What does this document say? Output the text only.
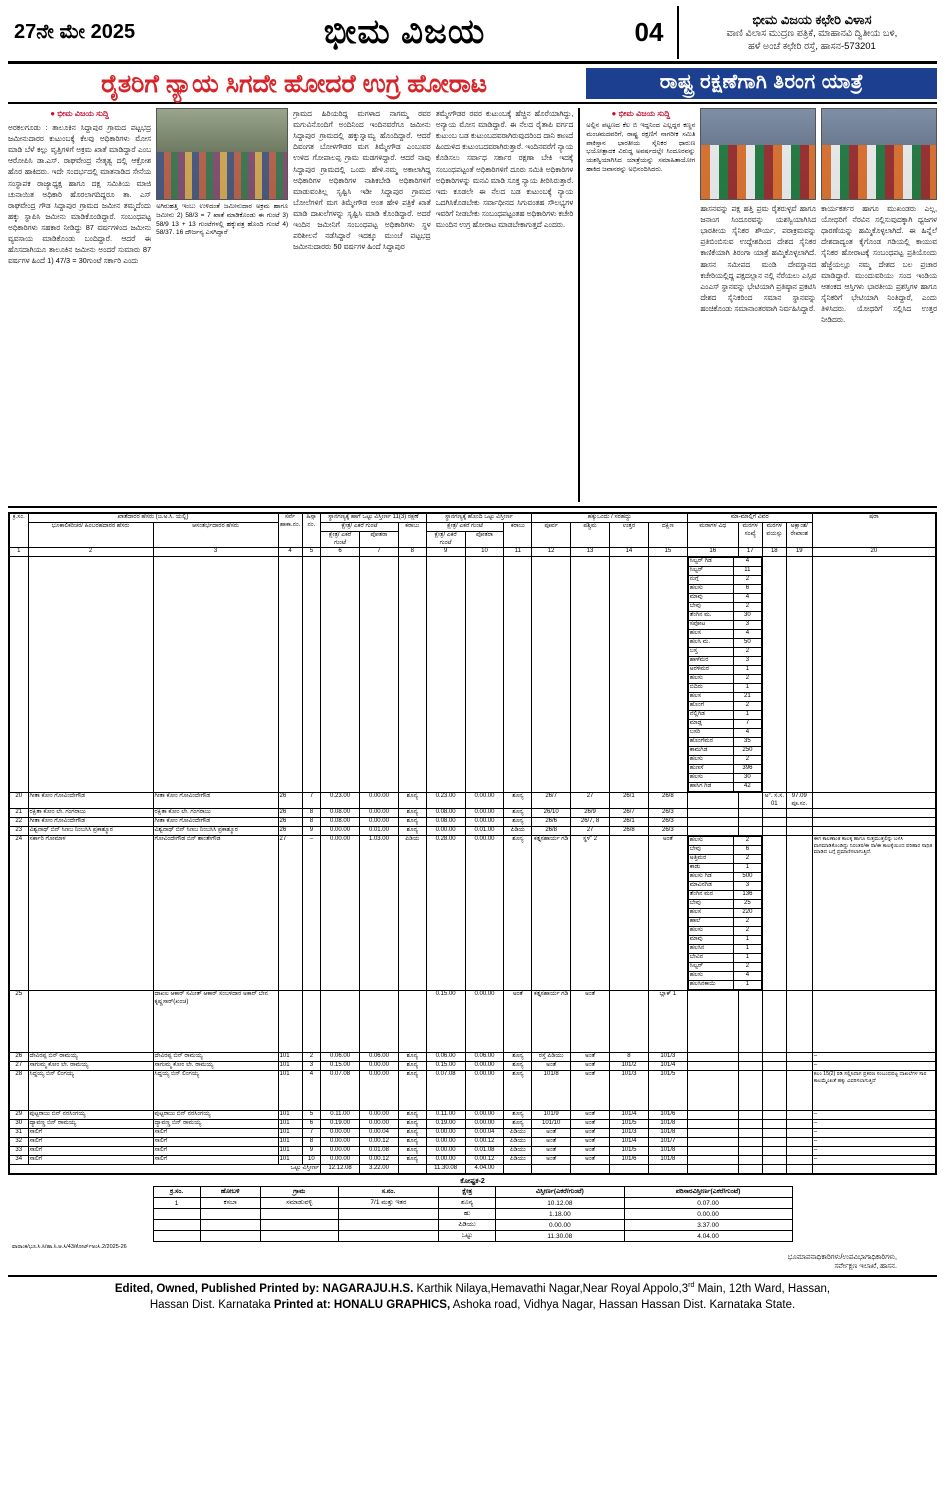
27ನೇ ಮೇ 2025	ಭೀಮ ವಿಜಯ	04	ಭೀಮ ವಿಜಯ ಕಛೇರಿ ವಿಳಾಸ
ವಾಣಿ ವಿಲಾಸ ಮುದ್ರಣ ಪತ್ರಿಕೆ, ಮಾಹಾನವಿ ದ್ವಿತೀಯ ಬಳಿ,
ಹಳೆ ಅಂಚೆ ಕಛೇರಿ ರಸ್ತೆ, ಹಾಸನ-573201
ರೈತರಿಗೆ ನ್ಯಾಯ ಸಿಗದೇ ಹೋದರೆ ಉಗ್ರ ಹೋರಾಟ	ರಾಷ್ಟ್ರ ರಕ್ಷಣೆಗಾಗಿ ತಿರಂಗ ಯಾತ್ರೆ
● ಭೀಮ ವಿಜಯ ಸುದ್ದಿ
ಅರಕಲಗೂಡು : ತಾಲೂಕಿನ ಸಿದ್ದಾಪುರ ಗ್ರಾಮದ ಪಟ್ಟಭದ್ರ ಜಮೀನುದಾರರ ಕುಟುಂಬಕ್ಕೆ ಕೆಲವು ಅಧಿಕಾರಿಗಳು ಮೋಸ ಮಾಡಿ ಬೆಳೆ ಕಲ್ಲು ವೃತ್ತಿಗಳಿಗೆ ಅಕ್ರಮ ಖಾತೆ ಮಾಡಿದ್ದಾರೆ ಎಂಬ ಆರೋಪಿಸಿ ಡಾ.ಎಸ್. ರಾಘವೇಂದ್ರ ನೇತೃತ್ವ ದಲ್ಲಿ ಆಕ್ರೋಶ ಹೊರ ಹಾಕಿದರು. ಇದೇ ಸಂದರ್ಭದಲ್ಲಿ ಮಾತನಾಡಿದ ಸೇನೆಯ ಸಂಸ್ಥಾಪಕ ರಾಜ್ಯಾಧ್ಯಕ್ಷ ಹಾಗೂ ದಕ್ಷ ಸಮಿತಿಯ ಮಾಜಿ ಚುನಾಯಿತ ಅಧಿಕಾರಿ ಹೊರಲಾಗದಿದ್ದರೂ ತಾ. ಎಸ್ ರಾಘವೇಂದ್ರ ಗೌಡ ಸಿದ್ದಾಪುರ ಗ್ರಾಮದ ಜಮೀನ ತಮ್ಮದೆಂದು ಹಕ್ಕು ಸ್ಥಾಪಿಸಿ ಜಮೀನು ಮಾಡಿಕೊಂಡಿದ್ದಾರೆ. ಸಂಬಂಧಪಟ್ಟ ಅಧಿಕಾರಿಗಳು ಸಹಕಾರ ನೀಡಿದ್ದು 87 ವರ್ಷಗಳಿಂದ ಜಮೀನು ವ್ಯವಸಾಯ ಮಾಡಿಕೊಂಡು ಬಂದಿದ್ದಾರೆ. ಆದರೆ ಈ ಹೊಸದಾಗಿಯೂ ತಾಲೂಕಿನ ಜಮೀನು ಅಂದರೆ ಸುಮಾರು 87 ವರ್ಷಗಳ ಹಿಂದೆ 1) 47/3 = 30ಗುಂಟೆ ಸರ್ಕಾರಿ ಎಂದು
ಅಗಿರುಹತ್ತಿ ಇಂಬು ಉಳಿದಂತೆ ಜಮೀನುದಾರ ಅಕ್ರಮ ಹಾಗೂ ಜಮೀನು 2) 58/3 = 7 ಖಾತೆ ಮಾಡಿಕೊಂಡು ಈ ಗುಂಟೆ 3) 58/9 13 + 13 ಗುಂಟೆಗಳಲ್ಲಿ ಹಕ್ಕುಪತ್ರ ಹೊಂದಿ ಗುಂಟೆ 4) 58/37. 16 ದೌರ್ಜನ್ಯ ಎಸಗಿದ್ದಾರೆ
ಗ್ರಾಮದ ಹಿರಿಯರಿದ್ದ ಮಗಳಾದ ನಾಗಮ್ಮ ರವರ ಮಗುವಿನೊಂದಿಗೆ ಅಂದಿನಿಂದ ಇಂದಿನವರೆಗೂ ಜಮೀನು ಸಿದ್ದಾಪುರ ಗ್ರಾಮದಲ್ಲಿ ಹಕ್ಕುಸ್ವಾಮ್ಯ ಹೊಂದಿದ್ದಾರೆ. ಆದರೆ ದಿವಂಗತ ಬೋಳಗೌಡರ ಮಗ ತಿಮ್ಮೇಗೌಡ ಎಂಬುವರ ಉಳಿದ ಗೋಪಾಲಪ್ಪ ಗ್ರಾಮ ಮಡಗಳಿದ್ದಾರೆ. ಆದರೆ ನಾವು ಸಿದ್ದಾಪುರ ಗ್ರಾಮದಲ್ಲಿ ಒಂದು ಹೇಳಿ.ನಮ್ಮ ಅಕಾಲಾಗಿದ್ದ ಅಧಿಕಾರಿಗಳ ಅಧಿಕಾರಿಗಳ ನಾಶಿಕಬೇಡಿ ಅಧಿಕಾರಿಗಳಿಗೆ ಮಾಡುವಂತಿಲ್ಲ ಸೃಷ್ಟಿಸಿ ಇಡೀ ಸಿದ್ದಾಪುರ ಗ್ರಾಮದ ಬೋಲೆಗಳಿಗೆ ಮಗ ತಿಮ್ಮೇಗೌಡ ಅಂತ ಹೇಳಿ ಪತ್ರಿಕೆ ಖಾತೆ ಮಾಡಿ ದಾಖಲೆಗಳನ್ನು ಸೃಷ್ಟಿಸಿ ಮಾಡಿ ಕೊಂಡಿದ್ದಾರೆ. ಅದರೆ ಇಂದಿನ ಜಮೀನಿಗೆ ಸಂಬಂಧಪಟ್ಟ ಅಧಿಕಾರಿಗಳು ಸ್ಥಳ ಪರಿಶೀಲನೆ ನಡೆಸಿದ್ದಾರೆ ಇದಕ್ಕೂ ಮುಂಚೆ ಪಟ್ಟಭದ್ರ ಜಮೀನುದಾರರು 50 ವರ್ಷಗಳ ಹಿಂದೆ ಸಿದ್ದಾಪುರ
ತಮ್ಮೇಗೌಡರ ರವರ ಕುಟುಂಬಕ್ಕೆ ಹೆಚ್ಚಿನ ಹೊರೆಯಾಗಿದ್ದು, ಅನ್ಯಾಯ ಮೋಸ ಮಾಡಿದ್ದಾರೆ. ಈ ನೆಲದ ರೈತಾಪಿ ವರ್ಗದ ಕುಟುಂಬ ಬಡ ಕುಟುಂಬದವರಾಗಿರುವುದರಿಂದ ದಾನಿ ಕಾಣದೆ ಹಿಂದುಳಿದ ಕುಟುಂಬದವರಾಗಿರುತ್ತಾರೆ. ಇಂದಿನವರೆಗೆ ನ್ಯಾಯ ಕೊಡಿಸಲು ಸರ್ವಾಧ ಸರ್ಕಾರ ರಕ್ಷಣಾ ಬೇಕಿ ಇದಕ್ಕೆ ಸಂಬಂಧಪಟ್ಟಂತೆ ಅಧಿಕಾರಿಗಳಿಗೆ ದೂರು ಸಮಿತಿ ಅಧಿಕಾರಿಗಳ ಅಧಿಕಾರಿಗಳನ್ನು ಮನವಿ ಮಾಡಿ ಸೂಕ್ತ ನ್ಯಾಯ ತೀರಿಸಿರುತ್ತಾರೆ. ಇದು ಕೂಡಲೇ ಈ ನೆಲದ ಬಡ ಕುಟುಂಬಕ್ಕೆ ನ್ಯಾಯ ಒದಗಿಸಿಕೊಡಬೇಕು ಸರ್ವಾಧೀನದ ಸಿಗುವಂತಹ ಸೌಲಭ್ಯಗಳ ಇವರಿಗೆ ನೀಡಬೇಕು ಸಂಬಂಧಪಟ್ಟಂತಹ ಅಧಿಕಾರಿಗಳು ಕಚೇರಿ ಮುಂದಿನ ಉಗ್ರ ಹೋರಾಟ ಮಾಡಬೇಕಾಗುತ್ತದೆ ಎಂದರು.
● ಭೀಮ ವಿಜಯ ಸುದ್ದಿ
ಅಲ್ಲಿನ ಪಟ್ಟಣದ ಕೆಲ ಬಿ ಇದ್ದನಿಂದ ಎಲ್ಲದ್ದರ ಕಣ್ಣನ ಮಂಚಮದವರಿಗೆ, ರಾಷ್ಟ್ರ ರಕ್ಷಣಿಗೆ ನಾಗರೀಕ ಸಮಿತಿ ಪಾಕಿಸ್ತಾನ ಭಾರತೀಯ ಸೈನಿಕರ ಧಾರುಣ ಭಯೋತ್ಪಾದಕ ವಿರುದ್ಧ ಅವರ್ಷದಲ್ಲೇ ಸಿಂದೂರವನ್ನು ಯಶಸ್ವಿಯಾಗಿಸಿದ ಯಾತ್ರೆಯನ್ನು ಸಮಾಹಿತಾಯೋಗ ಹಾಕಿದ ಜವಾನರನ್ನು ಅಭಿನಂದಿಸಿದರು.
ಹಾಸನವನ್ನು ಪಕ್ಷ ಹತ್ತಿ ಪ್ರಮ ರೈತರುಳ್ಳವೆ ಹಾಗೂ ಜನಾಂಗ ಸಿಂದೂರವನ್ನು ಯಶಸ್ವಿಯಾಗಿಸಿದ ಭಾರತೀಯ ಸೈನಿಕರ ಶೌರ್ಯ, ಪರಾಕ್ರಮವನ್ನು ಪ್ರತಿಬಿಂಬಿಸುವ ಉದ್ದೇಶದಿಂದ ದೇಶದ ಸೈನಿಕರ ಕಾಣಿಕೆಯಾಗಿ ತಿರಂಗಾ ಯಾತ್ರೆ ಹಮ್ಮಿಕೊಳ್ಳಲಾಗಿದೆ. ಹಾಸನ ಸಮೀಪದ ಮಂಡಿ ದೇವಸ್ಥಾನದ ಕಚೇರಿಯಲ್ಲಿದ್ದ ಪಕ್ಷದಲ್ಲಾನ ನಲ್ಲಿ ನೆರೆಯಲು ಎಸ್ಸಿವ ಎಂಎಸ್ ಸ್ಥಾನವನ್ನು ಭೇಟಿಯಾಗಿ ಪ್ರತಿಷ್ಠಾನ ಪ್ರಕಟಿಸಿ ದೇಶದ ಸೈನಿಕರಿಂದ ಸಮಾನ ಸ್ಥಾನವನ್ನು ಹಂಚಿಕೊಂಡು ಸಮಾನಾಂತರವಾಗಿ ನಿರ್ವಹಿಸಿದ್ದಾರೆ.
ಕಾರ್ಯಕರ್ತರ ಹಾಗೂ ಮುಖಂಡರು ಎಲ್ಲ, ಯೋಧರಿಗೆ ನೆರವಿನ ಸಲ್ಲಿಸುವುದಕ್ಕಾಗಿ ಧ್ವಜಗಳ ಧಾರಣೆಯನ್ನು ಹಮ್ಮಿಕೊಳ್ಳಲಾಗಿದೆ. ಈ ಹಿನ್ನೆಲೆ ದೇಶದಾದ್ಯಂತ ಕೈಗೊಂಡ ಗಡಿಯಲ್ಲಿ ಕಾಯುವ ಸೈನಿಕರ ಹೋರಾಟಕ್ಕೆ ಸಂಬಂಧಪಟ್ಟ ಪ್ರತಿಯೊಂದು ಹೆಜ್ಜೆಯಲ್ಲೂ ನಮ್ಮ ದೇಶದ ಬಲ ಪ್ರಚಾರ ಮಾಡಿದ್ದಾರೆ. ಮುಂದುವರಿಯು ಸಂದ ಇಂಡಿಯ ಆತಂಕದ ಆಸ್ತಿಗಳು ಭಾರತೀಯ ಪ್ರಶಸ್ತಿಗಳ ಹಾಗೂ ಸೈನಿಕರಿಗೆ ಭೇಟಿಯಾಗಿ ನಿಂತಿದ್ದಾರೆ, ಎಂದು ತಿಳಿಸಿದರು. ಯೋಧರಿಗೆ ಸಲ್ಲಿಸಿದ ಉತ್ತರ ನೀಡಿದರು.
ಕ್ರ.ಸಂ.	ಖಾತೆದಾರರ ಹೆಸರು (ಜ.ಅ.ಸಿ. ಯಲ್ಲಿ)	ಸರ್ವೆ ಹಾಕಾ.ನಂ.	ಹಿಸ್ಸಾ ನಂ.	ಸ್ಥಾನಗಣ್ಯಕ್ಕೆ ಹಾಗೆ ಒಟ್ಟು ವಿಸ್ತೀರ್ಣ 11(3) ರಕ್ಷಣೆ	ಸ್ಥಾನಗಣ್ಯಕ್ಕೆ ಹೊಂದಿ ಒಟ್ಟು ವಿಸ್ತೀರ್ಣ	ಹಕ್ಕುಒಂದು / ಸರಹದ್ದು	ಮಾ-ಮಾಲ್ಗಿಗೆ ವಿವರ	ಷರಾ
ಭೂಕಾಲಿಕರಿಚರ/ ಹಿಂಬರಹದಾರರ ಹೆಸರು	ಆಸಂತರ್ಭದಾರರ ಹೆಸರು	ಕ್ಷೇತ್ರ/ ಎಕರೆ ಗುಂಟೆ	ಕರಾಬು	ಕ್ಷೇತ್ರ/ ಎಕರೆ ಗುಂಟೆ	ಕರಾಬು	ಪೂರ್ವ	ಪಶ್ಚಿಮ	ಉತ್ತರ	ದಕ್ಷಿಣ	ಮರಾಗಳ ವಿಧ	ಮರಗಳ ಸಂಖ್ಯೆ	ಮರಗಳ ವಯಸ್ಸು	ಅಕ್ಷಾಂಶ/ ರೇಖಾಂಶ
ಕ್ಷೇತ್ರ/ ಎಕರೆ ಗುಂಟೆ	ಪೋತರಾ	ಕ್ಷೇತ್ರ/ ಎಕರೆ ಗುಂಟೆ	ಪೋತರಾ
1	2	3	4	5	6	7	8	9	10	11	12	13	14	15	16	17	18	19	20

ಸಿಲ್ವರ್ ಗಿಡ	4
ಸಿಲ್ವರ್	11
ನುಗ್ಗೆ	2
ಹಲಸು	6
ಮಾವು	4
ಬೇವು	2
ತೆಂಗಿನ ಮ.	30
ಸಪೋಟ	3
ಹಲಸ	4
ಹಲಸಿ ಮ.	50
ಬಸ್ತ	2
ಹಾಳೆಮರ	3
ಅರಳಿಮರ	1
ಹಲಸು	2
ಬಿದಿರು	1
ಹಲಸ	21
ಹೊಂಗೆ	2
ನೆಲ್ಲಿಗಿಡ	1
ಮಾಡ್ಲ	7
ಬಸರಿ	4
ಹೊಂಗೆಮರ	35
ಕಾಮಗಿಡ	250
ಹಲಸು	2
ಹುಣಸೆ	396
ಹಲಸು	30
ಹಾಸಿಗ ಗಿಡ	42

20	ಗೀತಾ ಕೋಂ ಗೋವಿಂದೇಗೌಡ	ಗೀತಾ ಕೋಂ ಗೋವಿಂದೇಗೌಡ	26	7	0.23.00	0.00.00	ಶೂನ್ಯ	0.23.00	0.00.00	ಶೂನ್ಯ	26/7	27	26/1	26/8			ಅ°. ಸ.ಸ. 01	97.09 ಪೂ.ಸಂ.	
21	ರಕ್ಷಿತಾ ಕೋಂ ಲೇ. ಗಂಗರಾಜು	ರಕ್ಷಿತಾ ಕೋಂ ಲೇ. ಗಂಗರಾಜು	26	8	0.08.00	0.00.00	ಶೂನ್ಯ	0.08.00	0.00.00	ಶೂನ್ಯ	26/10	26/9	26/7	26/3					
22	ಗೀತಾ ಕೋಂ ಗೋವಿಂದೇಗೌಡ	ಗೀತಾ ಕೋಂ ಗೋವಿಂದೇಗೌಡ	26	8	0.08.00	0.00.00	ಶೂನ್ಯ	0.08.00	0.00.00	ಶೂನ್ಯ	26/6	26/7, 8	26/1	26/3					
23	ವಿಶ್ವನಾಥ್ ಬಿನ್ ಸಿಣಬ ನಿಂಬಸಿಸಿ ಪ್ರಕಾಶ್ಮೂರ	ವಿಶ್ವನಾಥ್ ಬಿನ್ ಸಿಣಬ ನಿಂಬಸಿಸಿ ಪ್ರಕಾಶ್ಮೂರ	26	9	0.00.00	0.01.00	ಶೂನ್ಯ	0.00.00	0.01.00	ಪಿಡಿಯ	26/8	27	26/8	26/3					
24	ಸರ್ಕಾರಿ ಗೋಮಾಳ	ಗೋವಿಂದೇಗೌಡ ಬಿನ್ ಶಾಂತೇಗೌಡ	27	–	0.00.00	1.03.00	ಪಿಡಿಯ	0.28.00	0.00.00	ಶೂನ್ಯ	ಕತ್ತೃಸಹಾರ್ಯ ಗಡಿ	ಸ್ಥಳ" 2		ಅಂತೆ		ಹಲಸು	2
ಬೇವು	6
ಅತ್ತಿಮರ	2
ಕಾಡು	1
ಹಲಸು ಗಿಡ	500
ಮಾವಿನಗಿಡ	3
ತೆಂಗಿನ ಮರ	136
ಬೇವು	25
ಹಲಸ	220
ಹಾಲೆ	2
ಹಲಸು	2
ಮಾವು	1
ಹಲಸಿನ	1
ಬೇವಿನ	1
ಸಿಲ್ವರ್	2
ಹಲಸು	4
ಹಲಸಿನಕಾಯಿ	1
			ಈಗ ಕಾಲಣಾಂತ ಕಾಲಕ್ಕ ಹಾಗೂ ಸುತ್ತಮುತ್ತಲಿನ್ನು ಬಳಸಿ ವಾಸಮಾಡಿಕೊಂಡಿದ್ದು ನಿರಂತರ/ಈ ರಾ/ಈ ಕಾಲಕ್ಕೆಯಿಂದ ಪರಿಹಾರ ಸಾಧಿತ ಮಾಡಿದ ಬಗ್ಗೆ ಪ್ರಮಾಣಿಸಲಾಗುತ್ತಿದೆ.
25		ದಾಖಲ ಆಕಾರ್ ಸಮೀತ್ ಆಕಾರ್ ಸಂಬಳದಾರ ಅಕಾರ್ ಬೇನ ಕೃಷ್ಣಸಾರ್(ಖಂಚ)						0.15.00	0.00.00	ಅಂತೆ	ಕತ್ತೃಸಹಾರ್ಯ ಗಡಿ	ಅಂತೆ		ಬ್ಲಾಕ್ 1					
26	ದೇವಿರಪ್ಪ ಬಿನ್ ರಾಮಯ್ಯ	ದೇವಿರಪ್ಪ ಬಿನ್ ರಾಮಯ್ಯ	101	2	0.06.00	0.06.00	ಶೂನ್ಯ	0.06.00	0.06.00	ಶೂನ್ಯ	ರಸ್ತೆ ಪಿಡಿಯು	ಅಂತೆ	8	101/3					–
27	ಸಾಗುಮ್ಮ ಕೋಂ ಲೇ. ರಾಮಯ್ಯ	ಸಾಗುಮ್ಮ ಕೋಂ ಲೇ. ರಾಮಯ್ಯ	101	3	0.15.00	0.00.00	ಶೂನ್ಯ	0.15.00	0.00.00	ಶೂನ್ಯ	ಅಂತೆ	ಅಂತೆ	101/2	101/4					–
28	ಸಿದ್ದಯ್ಯ ಬಿನ್ ಲಿಂಗಯ್ಯ	ಸಿದ್ದಯ್ಯ ಬಿನ್ ಲಿಂಗಯ್ಯ	101	4	0.07.08	0.00.00	ಶೂನ್ಯ	0.07.08	0.00.00	ಶೂನ್ಯ	101/8	ಅಂತೆ	101/3	101/5					ಕಲಂ 15(2) ರಡಿ ಸಲ್ಲಿಸಿದಾಗ ಪ್ರಕರಣ ಸಂಬಂಧಪಟ್ಟ ದಾಖಲೆಗಳ ಸಾರ ಕಾಲಮ್ಮೆಂಖತೆ ಹಕ್ಕು ವಿವರಿಸಲಾಗುತ್ತಿದೆ
29	ಪುಟ್ಟರಾಜು ಬಿನ್ ನರಸಿಂಗಯ್ಯ	ಪುಟ್ಟರಾಜು ಬಿನ್ ನರಸಿಂಗಯ್ಯ	101	5	0.11.00	0.00.00	ಶೂನ್ಯ	0.11.00	0.00.00	ಶೂನ್ಯ	101/9	ಅಂತೆ	101/4	101/6					–
30	ದ್ಯಾವಣ್ಣ ಬಿನ್ ರಾಮಯ್ಯ	ದ್ಯಾವಣ್ಣ ಬಿನ್ ರಾಮಯ್ಯ	101	6	0.19.00	0.00.00	ಶೂನ್ಯ	0.19.00	0.00.00	ಶೂನ್ಯ	101/10	ಅಂತೆ	101/5	101/8					–
31	ಸಾಲಿಗೆ	ಸಾಲಿಗೆ	101	7	0.00.00	0.00.04	ಶೂನ್ಯ	0.00.00	0.00.04	ಪಿಡಿಯು	ಅಂತೆ	ಅಂತೆ	101/3	101/8					–
32	ಸಾಲಿಗೆ	ಸಾಲಿಗೆ	101	8	0.00.00	0.00.12	ಶೂನ್ಯ	0.00.00	0.00.12	ಪಿಡಿಯು	ಅಂತೆ	ಅಂತೆ	101/4	101/7					–
33	ಸಾಲಿಗೆ	ಸಾಲಿಗೆ	101	9	0.00.00	0.01.08	ಶೂನ್ಯ	0.00.00	0.01.08	ಪಿಡಿಯು	ಅಂತೆ	ಅಂತೆ	101/5	101/8					–
34	ಸಾಲಿಗೆ	ಸಾಲಿಗೆ	101	10	0.00.00	0.00.12	ಶೂನ್ಯ	0.00.00	0.00.12	ಪಿಡಿಯು	ಅಂತೆ	ಅಂತೆ	101/6	101/8					–
ಒಟ್ಟು ವಿಸ್ತೀರ್ಣ	12.12.08	3.22.00		11.30.08	4.04.00										
ಕೋಷ್ಟಕ-2
ಕ್ರ.ಸಂ.	ಹೋಬಳಿ	ಗ್ರಾಮ	ಸ.ನಂ.	ಕ್ಷೇತ್ರ	ವಿಸ್ತೀರ್ಣ(ಎಕರೆ/ಗುಂಟೆ)	ಪರಿಸಾರವಿಸ್ತೀರ್ಣ(ಎಕರೆ/ಗುಂಟೆ)
1	ಕಸಬಾ	ಸಮಾಡುವಳ್ಳಿ	7/1 ಮತ್ತು ಇತರ	ಶೂನ್ಯ	10.12.08	0.07.00
				ಹು	1.18.00	0.00.00
				ಪಿಡಿಯು	0.00.00	3.37.00
				ಒಟ್ಟು	11.30.08	4.04.00
ವಾರಾಂಕ/ಭೂ.ಸಿ.ಸಿ/ಹಾ.ಸಿ.ಆ.ಸಿ/43/ಕೋರ್ಟ್ಅಂಸಿ.2/2025-26
ಭೂಮಾಪನಾಧಿಕಾರಿಗಳು/ಉಪವಿಭಾಗಾಧಿಕಾರಿಗಳು,
ಸರ್ವೇಕ್ಷಣ ಇಲಾಖೆ, ಹಾಸನ.
Edited, Owned, Published Printed by: NAGARAJU.H.S. Karthik Nilaya,Hemavathi Nagar,Near Royal Appolo,3rd Main, 12th Ward, Hassan,
Hassan Dist. Karnataka Printed at: HONALU GRAPHICS, Ashoka road, Vidhya Nagar, Hassan Hassan Dist. Karnataka State.
